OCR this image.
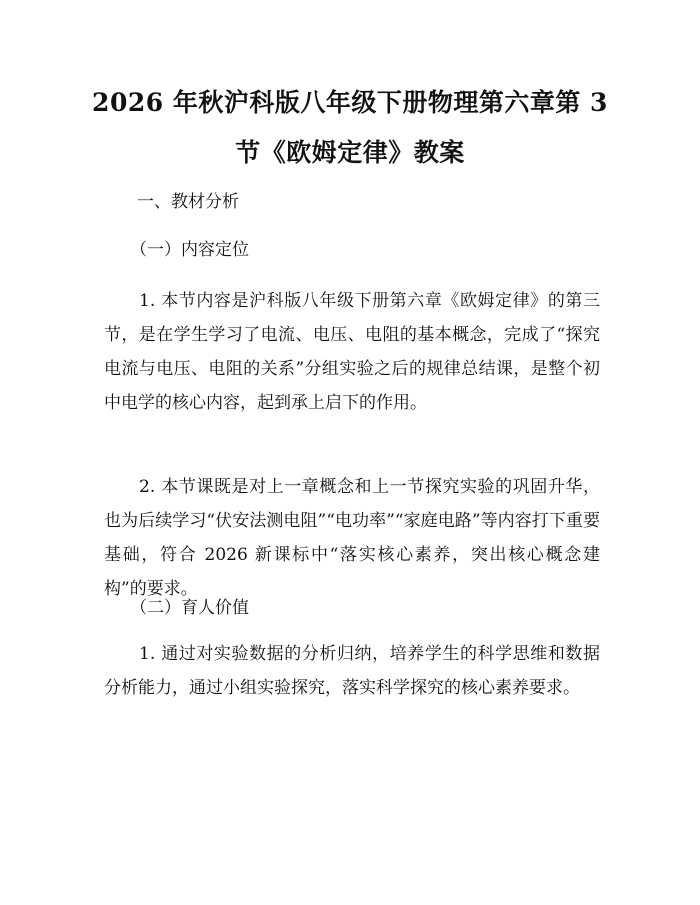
2026 年秋沪科版八年级下册物理第六章第 3
节《欧姆定律》教案

一、教材分析

（一）内容定位

1. 本节内容是沪科版八年级下册第六章《欧姆定律》的第三节，是在学生学习了电流、电压、电阻的基本概念，完成了“探究电流与电压、电阻的关系”分组实验之后的规律总结课，是整个初中电学的核心内容，起到承上启下的作用。

2. 本节课既是对上一章概念和上一节探究实验的巩固升华，也为后续学习“伏安法测电阻”“电功率”“家庭电路”等内容打下重要基础，符合 2026 新课标中“落实核心素养，突出核心概念建构”的要求。

（二）育人价值

1. 通过对实验数据的分析归纳，培养学生的科学思维和数据分析能力，通过小组实验探究，落实科学探究的核心素养要求。
